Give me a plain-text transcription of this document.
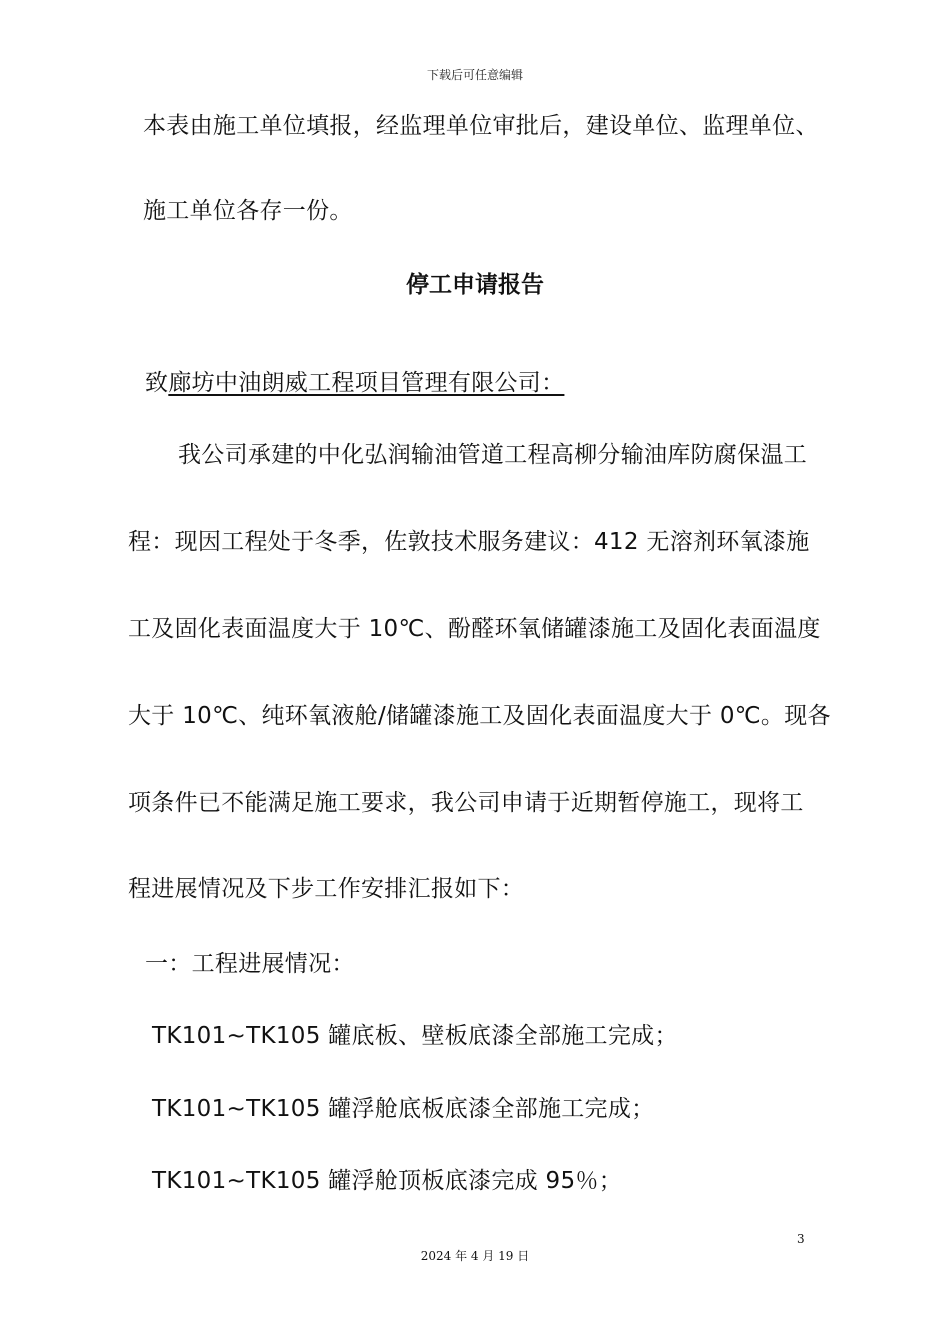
下载后可任意编辑
本表由施工单位填报，经监理单位审批后，建设单位、监理单位、
施工单位各存一份。
停工申请报告
致廊坊中油朗威工程项目管理有限公司：
我公司承建的中化弘润输油管道工程高柳分输油库防腐保温工
程：现因工程处于冬季，佐敦技术服务建议：412 无溶剂环氧漆施
工及固化表面温度大于 10℃、酚醛环氧储罐漆施工及固化表面温度
大于 10℃、纯环氧液舱/储罐漆施工及固化表面温度大于 0℃。现各
项条件已不能满足施工要求，我公司申请于近期暂停施工，现将工
程进展情况及下步工作安排汇报如下：
一：工程进展情况：
TK101~TK105 罐底板、壁板底漆全部施工完成；
TK101~TK105 罐浮舱底板底漆全部施工完成；
TK101~TK105 罐浮舱顶板底漆完成 95％；
3
2024 年 4 月 19 日
